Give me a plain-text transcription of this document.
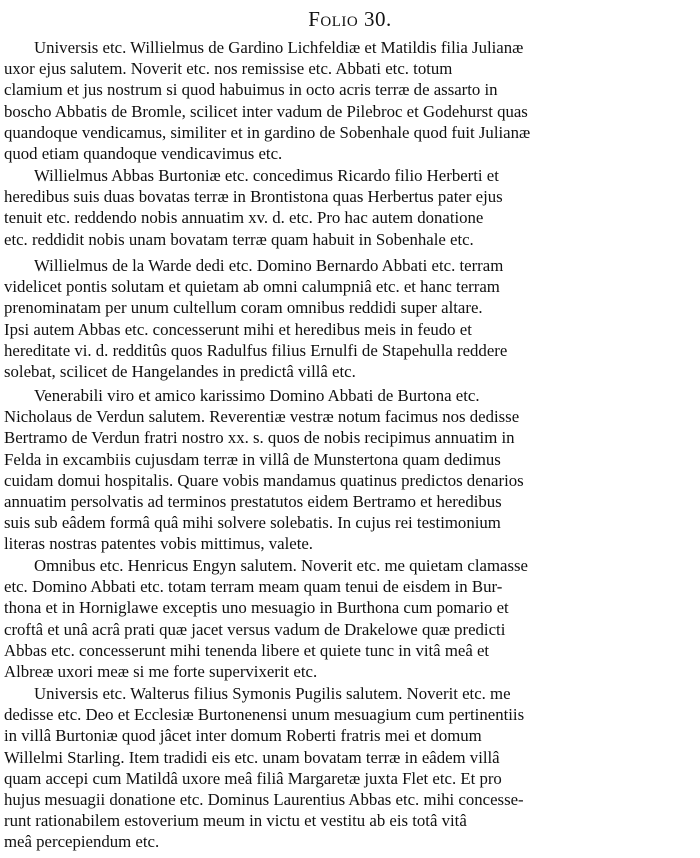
Folio 30.
Universis etc. Willielmus de Gardino Lichfeldiæ et Matildis filia Julianæ
uxor ejus salutem. Noverit etc. nos remissise etc. Abbati etc. totum
clamium et jus nostrum si quod habuimus in octo acris terræ de assarto in
boscho Abbatis de Bromle, scilicet inter vadum de Pilebroc et Godehurst quas
quandoque vendicamus, similiter et in gardino de Sobenhale quod fuit Julianæ
quod etiam quandoque vendicavimus etc.
Willielmus Abbas Burtoniæ etc. concedimus Ricardo filio Herberti et
heredibus suis duas bovatas terræ in Brontistona quas Herbertus pater ejus
tenuit etc. reddendo nobis annuatim xv. d. etc. Pro hac autem donatione
etc. reddidit nobis unam bovatam terræ quam habuit in Sobenhale etc.
Willielmus de la Warde dedi etc. Domino Bernardo Abbati etc. terram
videlicet pontis solutam et quietam ab omni calumpniâ etc. et hanc terram
prenominatam per unum cultellum coram omnibus reddidi super altare.
Ipsi autem Abbas etc. concesserunt mihi et heredibus meis in feudo et
hereditate vi. d. redditûs quos Radulfus filius Ernulfi de Stapehulla reddere
solebat, scilicet de Hangelandes in predictâ villâ etc.
Venerabili viro et amico karissimo Domino Abbati de Burtona etc.
Nicholaus de Verdun salutem. Reverentiæ vestræ notum facimus nos dedisse
Bertramo de Verdun fratri nostro xx. s. quos de nobis recipimus annuatim in
Felda in excambiis cujusdam terræ in villâ de Munstertona quam dedimus
cuidam domui hospitalis. Quare vobis mandamus quatinus predictos denarios
annuatim persolvatis ad terminos prestatutos eidem Bertramo et heredibus
suis sub eâdem formâ quâ mihi solvere solebatis. In cujus rei testimonium
literas nostras patentes vobis mittimus, valete.
Omnibus etc. Henricus Engyn salutem. Noverit etc. me quietam clamasse
etc. Domino Abbati etc. totam terram meam quam tenui de eisdem in Bur-
thona et in Horniglawe exceptis uno mesuagio in Burthona cum pomario et
croftâ et unâ acrâ prati quæ jacet versus vadum de Drakelowe quæ predicti
Abbas etc. concesserunt mihi tenenda libere et quiete tunc in vitâ meâ et
Albreæ uxori meæ si me forte supervixerit etc.
Universis etc. Walterus filius Symonis Pugilis salutem. Noverit etc. me
dedisse etc. Deo et Ecclesiæ Burtonenensi unum mesuagium cum pertinentiis
in villâ Burtoniæ quod jâcet inter domum Roberti fratris mei et domum
Willelmi Starling. Item tradidi eis etc. unam bovatam terræ in eâdem villâ
quam accepi cum Matildâ uxore meâ filiâ Margaretæ juxta Flet etc. Et pro
hujus mesuagii donatione etc. Dominus Laurentius Abbas etc. mihi concesse-
runt rationabilem estoverium meum in victu et vestitu ab eis totâ vitâ
meâ percepiendum etc.
